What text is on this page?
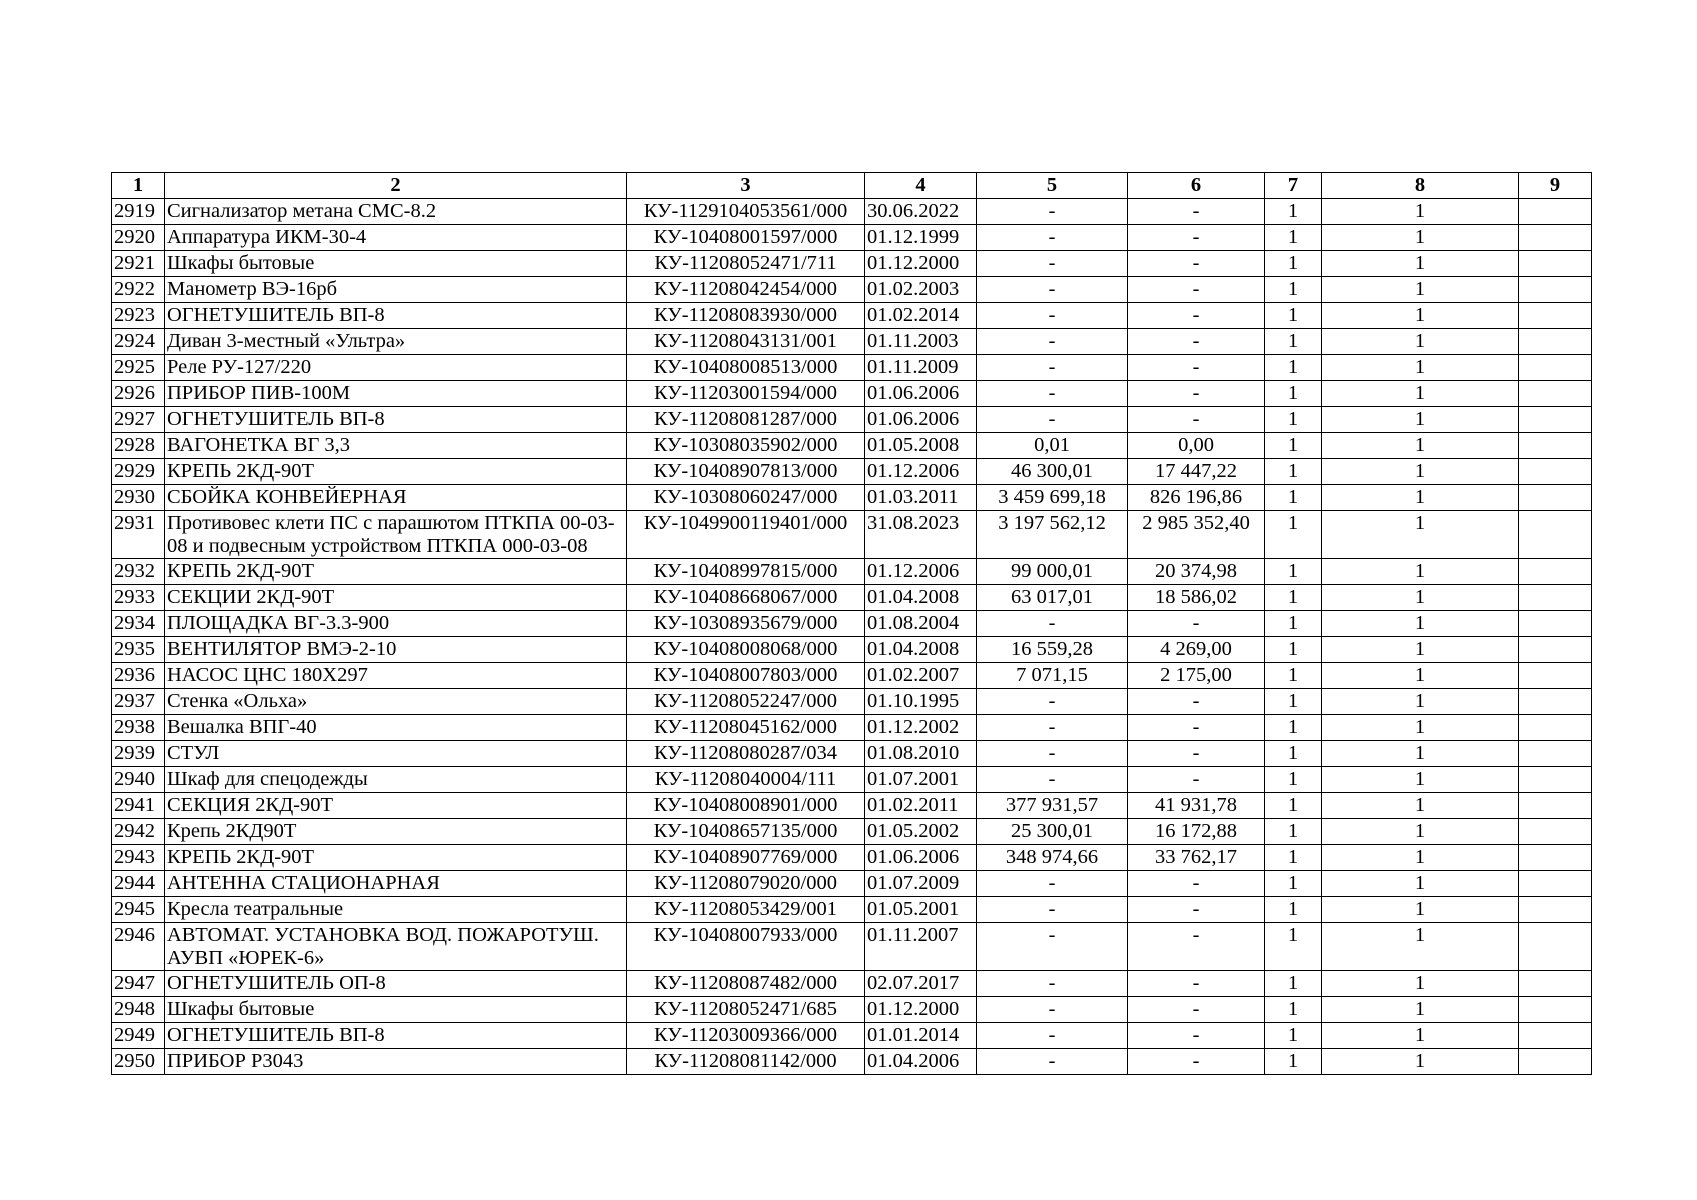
1	2	3	4	5	6	7	8	9
2919	Сигнализатор метана СМС-8.2	КУ-1129104053561/000	30.06.2022	-	-	1	1	
2920	Аппаратура ИКМ-30-4	КУ-10408001597/000	01.12.1999	-	-	1	1	
2921	Шкафы бытовые	КУ-11208052471/711	01.12.2000	-	-	1	1	
2922	Манометр ВЭ-16рб	КУ-11208042454/000	01.02.2003	-	-	1	1	
2923	ОГНЕТУШИТЕЛЬ ВП-8	КУ-11208083930/000	01.02.2014	-	-	1	1	
2924	Диван 3-местный «Ультра»	КУ-11208043131/001	01.11.2003	-	-	1	1	
2925	Реле РУ-127/220	КУ-10408008513/000	01.11.2009	-	-	1	1	
2926	ПРИБОР ПИВ-100М	КУ-11203001594/000	01.06.2006	-	-	1	1	
2927	ОГНЕТУШИТЕЛЬ ВП-8	КУ-11208081287/000	01.06.2006	-	-	1	1	
2928	ВАГОНЕТКА ВГ 3,3	КУ-10308035902/000	01.05.2008	0,01	0,00	1	1	
2929	КРЕПЬ 2КД-90Т	КУ-10408907813/000	01.12.2006	46 300,01	17 447,22	1	1	
2930	СБОЙКА КОНВЕЙЕРНАЯ	КУ-10308060247/000	01.03.2011	3 459 699,18	826 196,86	1	1	
2931	Противовес клети ПС с парашютом ПТКПА 00-03-08 и подвесным устройством ПТКПА 000-03-08	КУ-1049900119401/000	31.08.2023	3 197 562,12	2 985 352,40	1	1	
2932	КРЕПЬ 2КД-90Т	КУ-10408997815/000	01.12.2006	99 000,01	20 374,98	1	1	
2933	СЕКЦИИ 2КД-90Т	КУ-10408668067/000	01.04.2008	63 017,01	18 586,02	1	1	
2934	ПЛОЩАДКА ВГ-3.3-900	КУ-10308935679/000	01.08.2004	-	-	1	1	
2935	ВЕНТИЛЯТОР ВМЭ-2-10	КУ-10408008068/000	01.04.2008	16 559,28	4 269,00	1	1	
2936	НАСОС ЦНС 180Х297	КУ-10408007803/000	01.02.2007	7 071,15	2 175,00	1	1	
2937	Стенка «Ольха»	КУ-11208052247/000	01.10.1995	-	-	1	1	
2938	Вешалка ВПГ-40	КУ-11208045162/000	01.12.2002	-	-	1	1	
2939	СТУЛ	КУ-11208080287/034	01.08.2010	-	-	1	1	
2940	Шкаф для спецодежды	КУ-11208040004/111	01.07.2001	-	-	1	1	
2941	СЕКЦИЯ 2КД-90Т	КУ-10408008901/000	01.02.2011	377 931,57	41 931,78	1	1	
2942	Крепь 2КД90Т	КУ-10408657135/000	01.05.2002	25 300,01	16 172,88	1	1	
2943	КРЕПЬ 2КД-90Т	КУ-10408907769/000	01.06.2006	348 974,66	33 762,17	1	1	
2944	АНТЕННА СТАЦИОНАРНАЯ	КУ-11208079020/000	01.07.2009	-	-	1	1	
2945	Кресла театральные	КУ-11208053429/001	01.05.2001	-	-	1	1	
2946	АВТОМАТ. УСТАНОВКА ВОД. ПОЖАРОТУШ. АУВП «ЮРЕК-6»	КУ-10408007933/000	01.11.2007	-	-	1	1	
2947	ОГНЕТУШИТЕЛЬ ОП-8	КУ-11208087482/000	02.07.2017	-	-	1	1	
2948	Шкафы бытовые	КУ-11208052471/685	01.12.2000	-	-	1	1	
2949	ОГНЕТУШИТЕЛЬ ВП-8	КУ-11203009366/000	01.01.2014	-	-	1	1	
2950	ПРИБОР Р3043	КУ-11208081142/000	01.04.2006	-	-	1	1	
